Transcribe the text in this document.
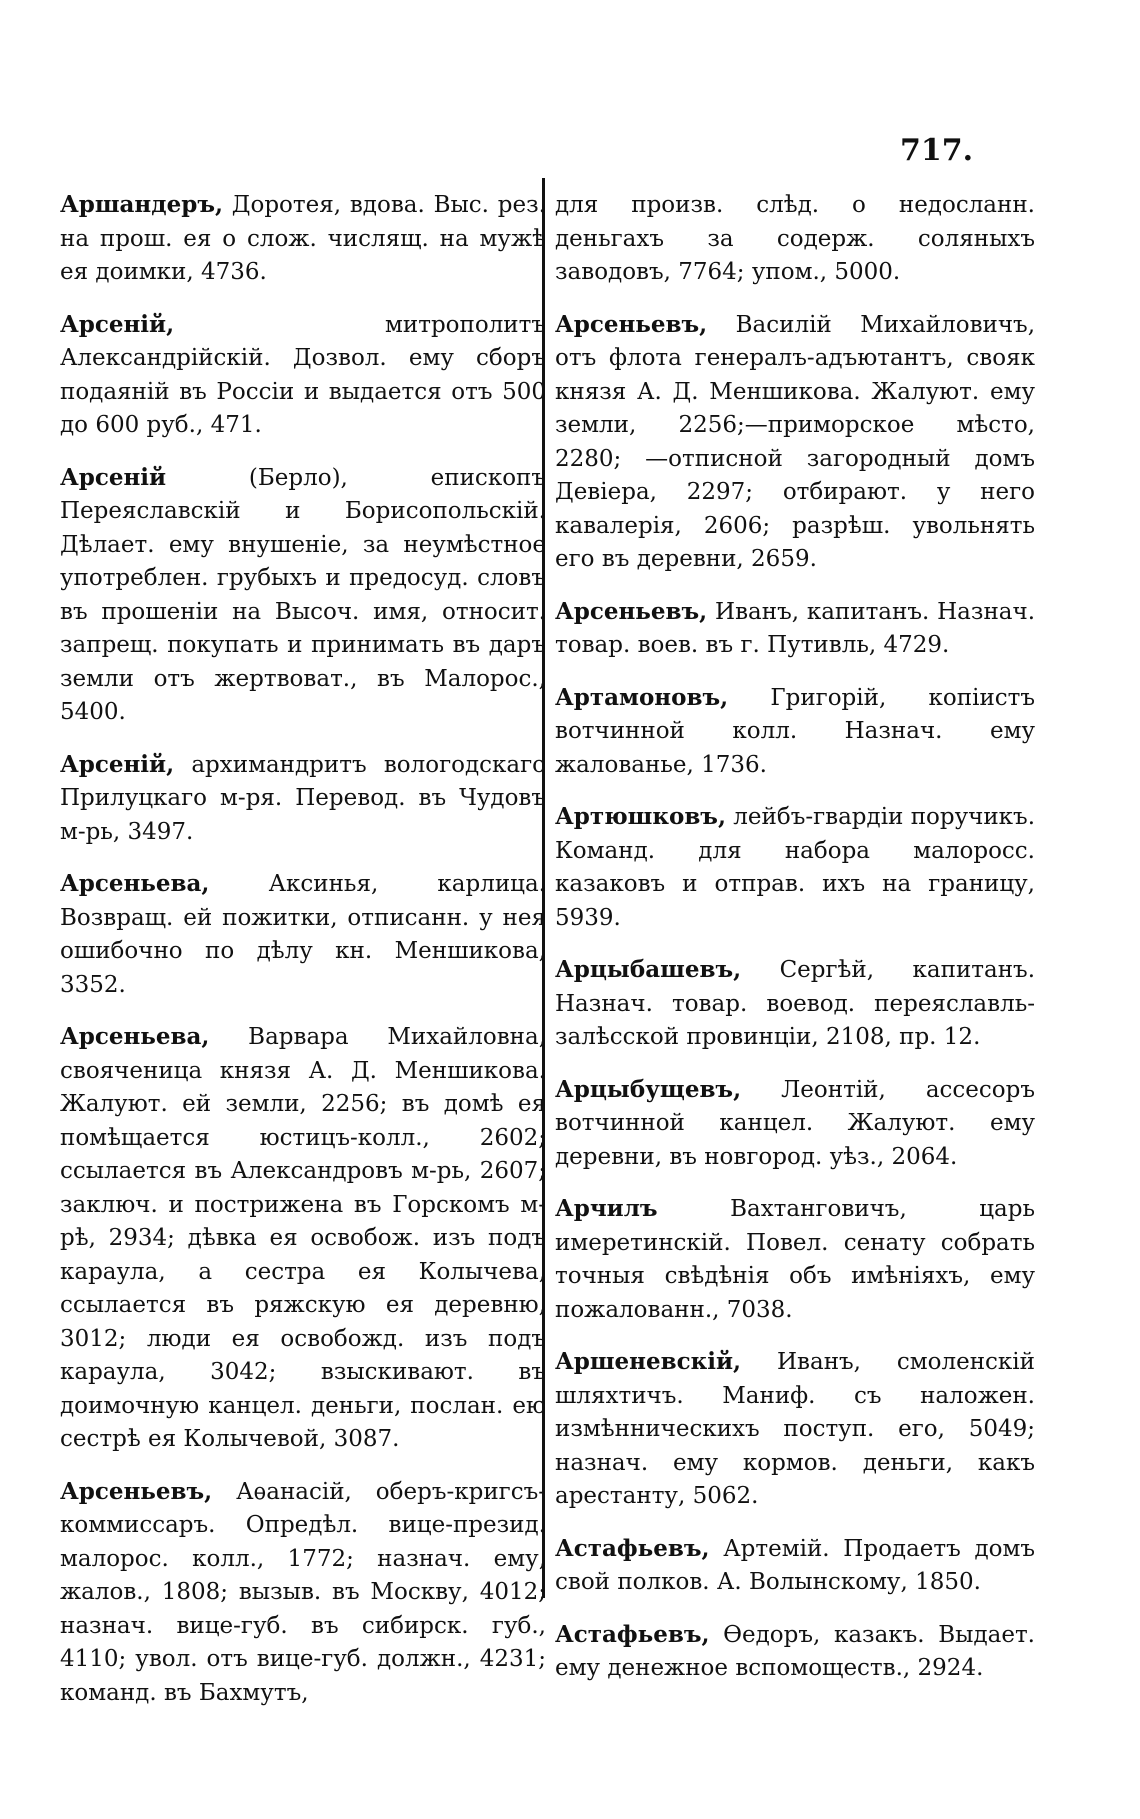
717.

Аршандеръ, Доротея, вдова. Выс. рез. на прош. ея о слож. числящ. на мужѣ ея доимки, 4736.

Арсеній,	митрополитъ Александрійскій. Дозвол. ему сборъ подаяній въ Россіи и выдается отъ 500 до 600 руб., 471.

Арсеній	(Берло), епископъ Переяславскій и Борисопольскій. Дѣлает. ему внушеніе, за неумѣстное употреблен. грубыхъ и предосуд. словъ въ прошеніи на Высоч. имя, относит. запрещ. покупать и принимать въ даръ земли отъ жертвоват., въ Малорос., 5400.

Арсеній, архимандритъ вологодскаго Прилуцкаго м-ря. Перевод. въ Чудовъ м-рь, 3497.

Арсеньева,	Аксинья, карлица. Возвращ. ей пожитки, отписанн. у нея ошибочно по дѣлу кн. Меншикова, 3352.

Арсеньева, Варвара Михайловна, свояченица князя А. Д. Меншикова. Жалуют. ей земли, 2256; въ домѣ ея помѣщается юстицъ-колл., 2602; ссылается въ Александровъ м-рь, 2607; заключ. и пострижена въ Горскомъ м-рѣ, 2934; дѣвка ея освобож. изъ подъ караула, а сестра ея Колычева, ссылается въ ряжскую ея деревню, 3012; люди ея освобожд. изъ подъ караула, 3042; взыскивают. въ доимочную канцел. деньги, послан. ею сестрѣ ея Колычевой, 3087.

Арсеньевъ, Аѳанасій, оберъ-кригсъ-коммиссаръ. Опредѣл. вице-презид. малорос. колл., 1772; назнач. ему, жалов., 1808; вызыв. въ Москву, 4012; назнач. вице-губ. въ сибирск. губ., 4110; увол. отъ вице-губ. должн., 4231; команд. въ Бахмутъ,

для произв. слѣд. о недосланн. деньгахъ за содерж. соляныхъ заводовъ, 7764; упом., 5000.

Арсеньевъ, Василій Михайловичъ, отъ флота генералъ-адъютантъ, свояк князя А. Д. Меншикова. Жалуют. ему земли, 2256;—приморское мѣсто, 2280; —отписной загородный домъ Девіера, 2297; отбирают. у него кавалерія, 2606; разрѣш. увольнять его въ деревни, 2659.

Арсеньевъ, Иванъ, капитанъ. Назнач. товар. воев. въ г. Путивль, 4729.

Артамоновъ, Григорій, копіистъ вотчинной колл. Назнач. ему жалованье, 1736.

Артюшковъ, лейбъ-гвардіи поручикъ. Команд. для набора малоросс. казаковъ и отправ. ихъ на границу, 5939.

Арцыбашевъ, Сергѣй, капитанъ. Назнач. товар. воевод. переяславль-залѣсской провинціи, 2108, пр. 12.

Арцыбущевъ, Леонтій, ассесоръ вотчинной канцел. Жалуют. ему деревни, въ новгород. уѣз., 2064.

Арчилъ	Вахтанговичъ, царь имеретинскій. Повел. сенату собрать точныя свѣдѣнія объ имѣніяхъ, ему пожалованн., 7038.

Аршеневскій, Иванъ, смоленскій шляхтичъ. Маниф. съ наложен. измѣнническихъ поступ. его, 5049; назнач. ему кормов. деньги, какъ арестанту, 5062.

Астафьевъ, Артемій. Продаетъ домъ свой полков. А. Волынскому, 1850.

Астафьевъ, Ѳедоръ, казакъ. Выдает. ему денежное вспомоществ., 2924.
